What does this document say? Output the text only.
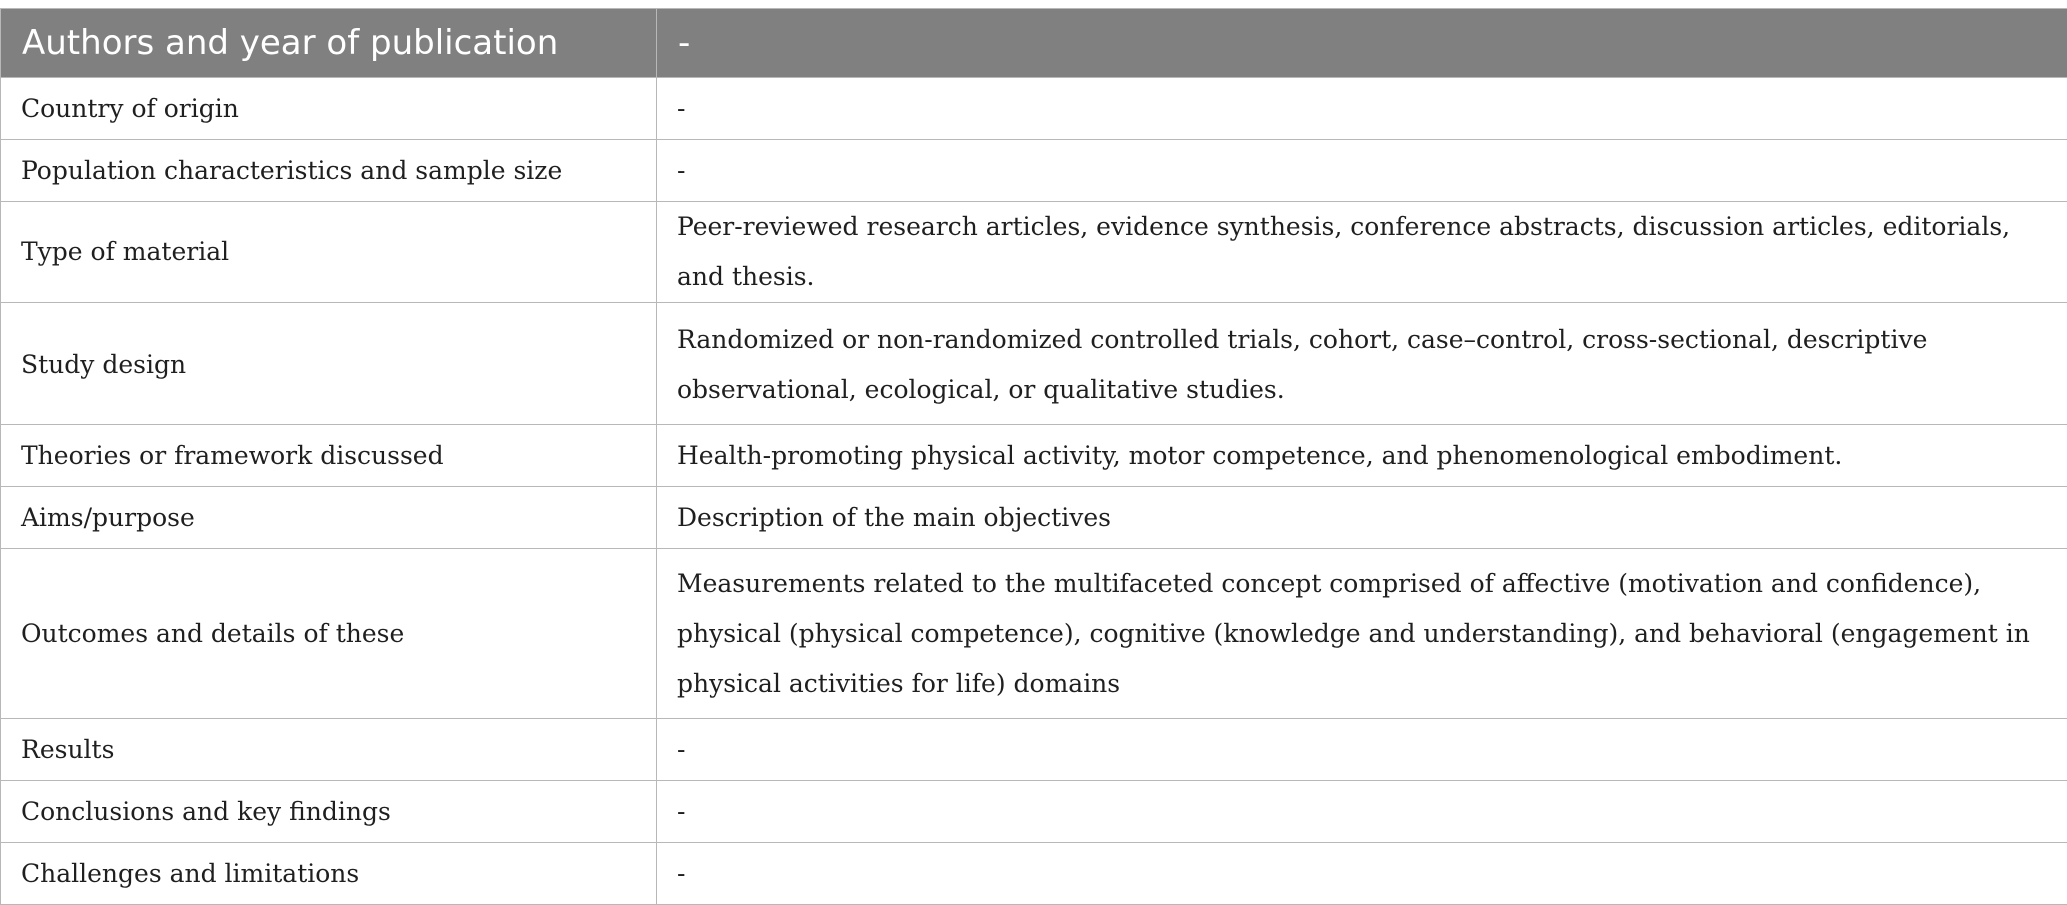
Authors and year of publication	-
Country of origin	-
Population characteristics and sample size	-
Type of material	Peer-reviewed research articles, evidence synthesis, conference abstracts, discussion articles, editorials, and thesis.
Study design	Randomized or non-randomized controlled trials, cohort, case–control, cross-sectional, descriptive observational, ecological, or qualitative studies.
Theories or framework discussed	Health-promoting physical activity, motor competence, and phenomenological embodiment.
Aims/purpose	Description of the main objectives
Outcomes and details of these	Measurements related to the multifaceted concept comprised of affective (motivation and confidence), physical (physical competence), cognitive (knowledge and understanding), and behavioral (engagement in physical activities for life) domains
Results	-
Conclusions and key findings	-
Challenges and limitations	-
